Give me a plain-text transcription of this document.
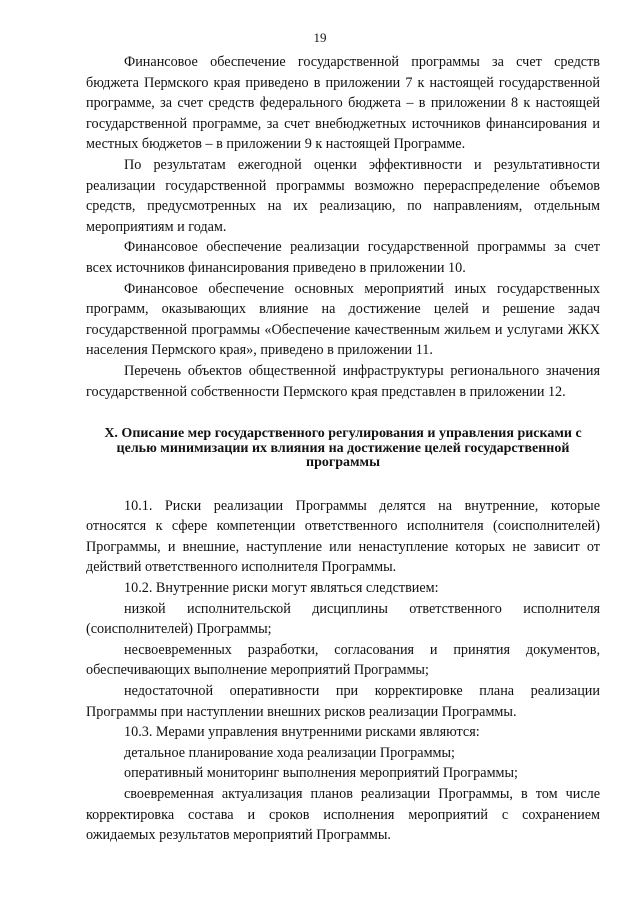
19

Финансовое обеспечение государственной программы за счет средств бюджета Пермского края приведено в приложении 7 к настоящей государственной программе, за счет средств федерального бюджета – в приложении 8 к настоящей государственной программе, за счет внебюджетных источников финансирования и местных бюджетов – в приложении 9 к настоящей Программе.

По результатам ежегодной оценки эффективности и результативности реализации государственной программы возможно перераспределение объемов средств, предусмотренных на их реализацию, по направлениям, отдельным мероприятиям и годам.

Финансовое обеспечение реализации государственной программы за счет всех источников финансирования приведено в приложении 10.

Финансовое обеспечение основных мероприятий иных государственных программ, оказывающих влияние на достижение целей и решение задач государственной программы «Обеспечение качественным жильем и услугами ЖКХ населения Пермского края», приведено в приложении 11.

Перечень объектов общественной инфраструктуры регионального значения государственной собственности Пермского края представлен в приложении 12.

X. Описание мер государственного регулирования и управления рисками с целью минимизации их влияния на достижение целей государственной программы

10.1. Риски реализации Программы делятся на внутренние, которые относятся к сфере компетенции ответственного исполнителя (соисполнителей) Программы, и внешние, наступление или ненаступление которых не зависит от действий ответственного исполнителя Программы.

10.2. Внутренние риски могут являться следствием:

низкой исполнительской дисциплины ответственного исполнителя (соисполнителей) Программы;

несвоевременных разработки, согласования и принятия документов, обеспечивающих выполнение мероприятий Программы;

недостаточной оперативности при корректировке плана реализации Программы при наступлении внешних рисков реализации Программы.

10.3. Мерами управления внутренними рисками являются:

детальное планирование хода реализации Программы;

оперативный мониторинг выполнения мероприятий Программы;

своевременная актуализация планов реализации Программы, в том числе корректировка состава и сроков исполнения мероприятий с сохранением ожидаемых результатов мероприятий Программы.
